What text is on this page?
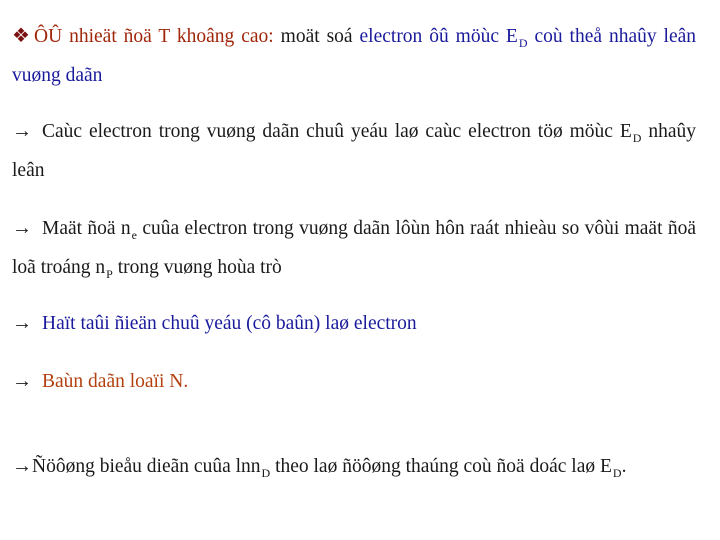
❖ ÔÛ nhieät ñoä T khoâng cao: moät soá electron ôû möùc $E_D$ coù theå nhaûy leân vuøng daãn
→ Caùc electron trong vuøng daãn chuû yeáu laø caùc electron töø möùc $E_D$ nhaûy leân
→ Maät ñoä $n_e$ cuûa electron trong vuøng daãn lôùn hôn raát nhieàu so vôùi maät ñoä loã troáng $n_P$ trong vuøng hoùa trò
→ Haït taûi ñieän chuû yeáu (cô baûn) laø electron
→ Baùn daãn loaïi N.
→Ñöôøng bieåu dieãn cuûa lnn$_D$ theo laø ñöôøng thaúng coù ñoä doác laø $E_D$.
